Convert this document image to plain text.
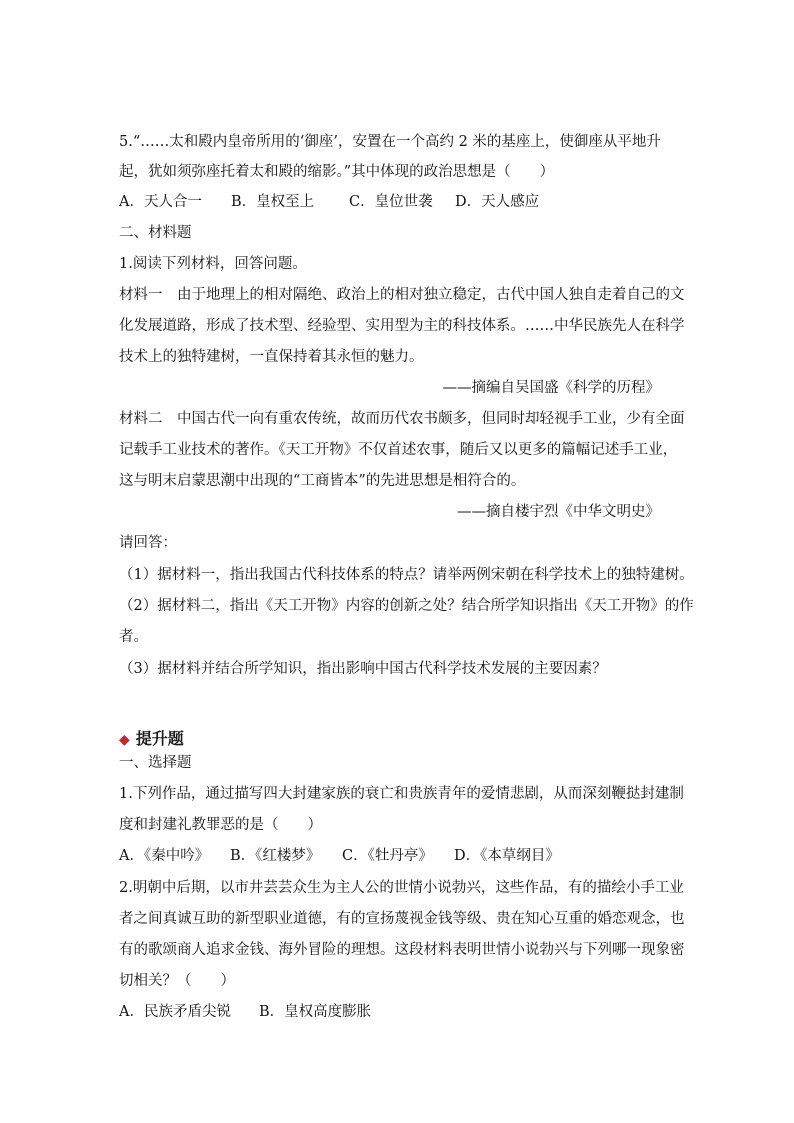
5.“……太和殿内皇帝所用的‘御座’，安置在一个高约 2 米的基座上，使御座从平地升
起，犹如须弥座托着太和殿的缩影。”其中体现的政治思想是（　　）
A．天人合一 B．皇权至上 C．皇位世袭 D．天人感应
二、材料题
1.阅读下列材料，回答问题。
材料一　由于地理上的相对隔绝、政治上的相对独立稳定，古代中国人独自走着自己的文
化发展道路，形成了技术型、经验型、实用型为主的科技体系。……中华民族先人在科学
技术上的独特建树，一直保持着其永恒的魅力。
——摘编自吴国盛《科学的历程》
材料二　中国古代一向有重农传统，故而历代农书颇多，但同时却轻视手工业，少有全面
记载手工业技术的著作。《天工开物》不仅首述农事，随后又以更多的篇幅记述手工业，
这与明末启蒙思潮中出现的“工商皆本”的先进思想是相符合的。
——摘自楼宇烈《中华文明史》
请回答：
（1）据材料一，指出我国古代科技体系的特点？请举两例宋朝在科学技术上的独特建树。
（2）据材料二，指出《天工开物》内容的创新之处？结合所学知识指出《天工开物》的作
者。
（3）据材料并结合所学知识，指出影响中国古代科学技术发展的主要因素？
◆ 提升题
一、选择题
1.下列作品，通过描写四大封建家族的衰亡和贵族青年的爱情悲剧，从而深刻鞭挞封建制
度和封建礼教罪恶的是（　　）
A．《秦中吟》 B．《红楼梦》 C．《牡丹亭》 D．《本草纲目》
2.明朝中后期，以市井芸芸众生为主人公的世情小说勃兴，这些作品，有的描绘小手工业
者之间真诚互助的新型职业道德，有的宣扬蔑视金钱等级、贵在知心互重的婚恋观念，也
有的歌颂商人追求金钱、海外冒险的理想。这段材料表明世情小说勃兴与下列哪一现象密
切相关？（　　）
A．民族矛盾尖锐 B．皇权高度膨胀
